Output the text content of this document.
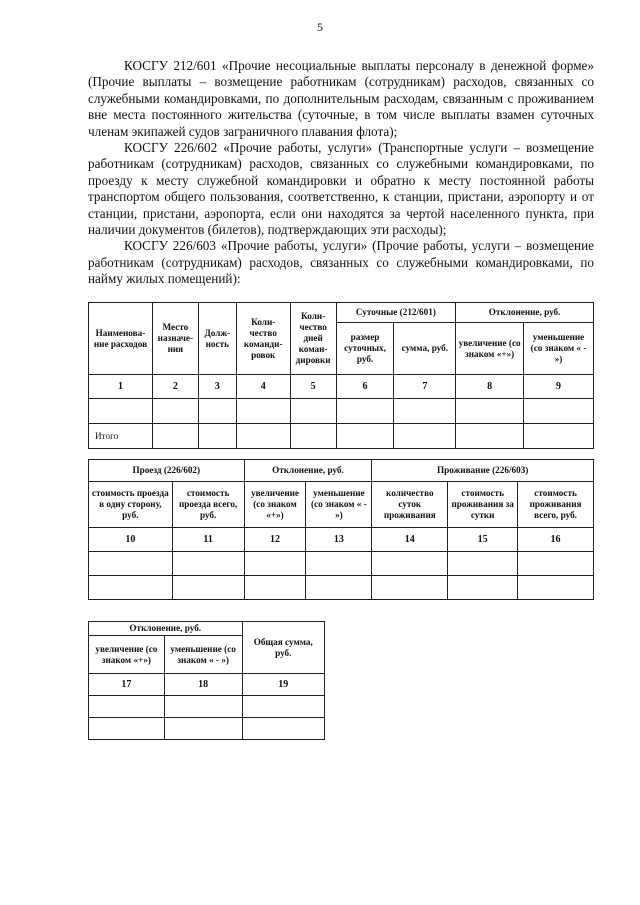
5

КОСГУ 212/601 «Прочие несоциальные выплаты персоналу в денежной форме» (Прочие выплаты – возмещение работникам (сотрудникам) расходов, связанных со служебными командировками, по дополнительным расходам, связанным с проживанием вне места постоянного жительства (суточные, в том числе выплаты взамен суточных членам экипажей судов заграничного плавания флота);

КОСГУ 226/602 «Прочие работы, услуги» (Транспортные услуги – возмещение работникам (сотрудникам) расходов, связанных со служебными командировками, по проезду к месту служебной командировки и обратно к месту постоянной работы транспортом общего пользования, соответственно, к станции, пристани, аэропорту и от станции, пристани, аэропорта, если они находятся за чертой населенного пункта, при наличии документов (билетов), подтверждающих эти расходы);

КОСГУ 226/603 «Прочие работы, услуги» (Прочие работы, услуги – возмещение работникам (сотрудникам) расходов, связанных со служебными командировками, по найму жилых помещений):

Наименова-ние расходов	Место назначе-ния	Долж-ность	Коли-чество команди-ровок	Коли-чество дней коман-дировки	Суточные (212/601)		Отклонение, руб.	
					размер суточных, руб.	сумма, руб.	увеличение (со знаком «+»)	уменьшение (со знаком « - »)
1	2	3	4	5	6	7	8	9

Итого								
Проезд (226/602)		Отклонение, руб.		Проживание (226/603)		
стоимость проезда в одну сторону, руб.	стоимость проезда всего, руб.	увеличение (со знаком «+»)	уменьшение (со знаком « - »)	количество суток проживания	стоимость проживания за сутки	стоимость проживания всего, руб.
10	11	12	13	14	15	16

Отклонение, руб.		Общая сумма, руб.
увеличение (со знаком «+»)	уменьшение (со знаком « - »)	
17	18	19
